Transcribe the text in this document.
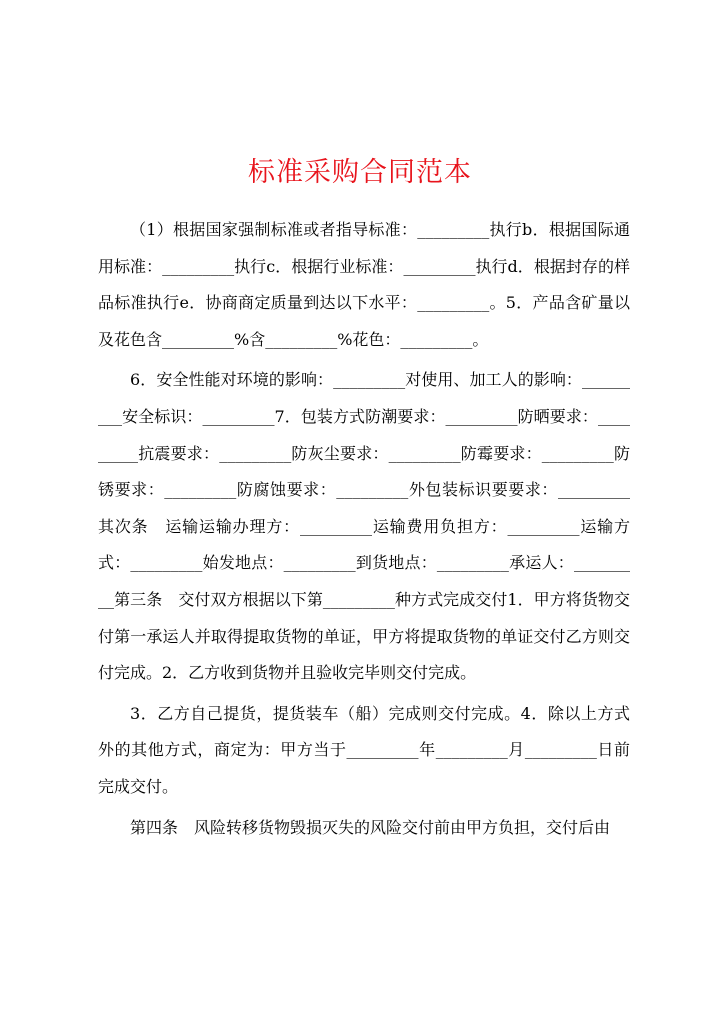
标准采购合同范本

（1）根据国家强制标准或者指导标准：_________执行b．根据国际通用标准：_________执行c．根据行业标准：_________执行d．根据封存的样品标准执行e．协商商定质量到达以下水平：_________。5．产品含矿量以及花色含_________%含_________%花色：_________。

6．安全性能对环境的影响：_________对使用、加工人的影响：_________安全标识：_________7．包装方式防潮要求：_________防晒要求：_________抗震要求：_________防灰尘要求：_________防霉要求：_________防锈要求：_________防腐蚀要求：_________外包装标识要要求：_________其次条　运输运输办理方：_________运输费用负担方：_________运输方式：_________始发地点：_________到货地点：_________承运人：_________第三条　交付双方根据以下第_________种方式完成交付1．甲方将货物交付第一承运人并取得提取货物的单证，甲方将提取货物的单证交付乙方则交付完成。2．乙方收到货物并且验收完毕则交付完成。

3．乙方自己提货，提货装车（船）完成则交付完成。4．除以上方式外的其他方式，商定为：甲方当于_________年_________月_________日前完成交付。

第四条　风险转移货物毁损灭失的风险交付前由甲方负担，交付后由
